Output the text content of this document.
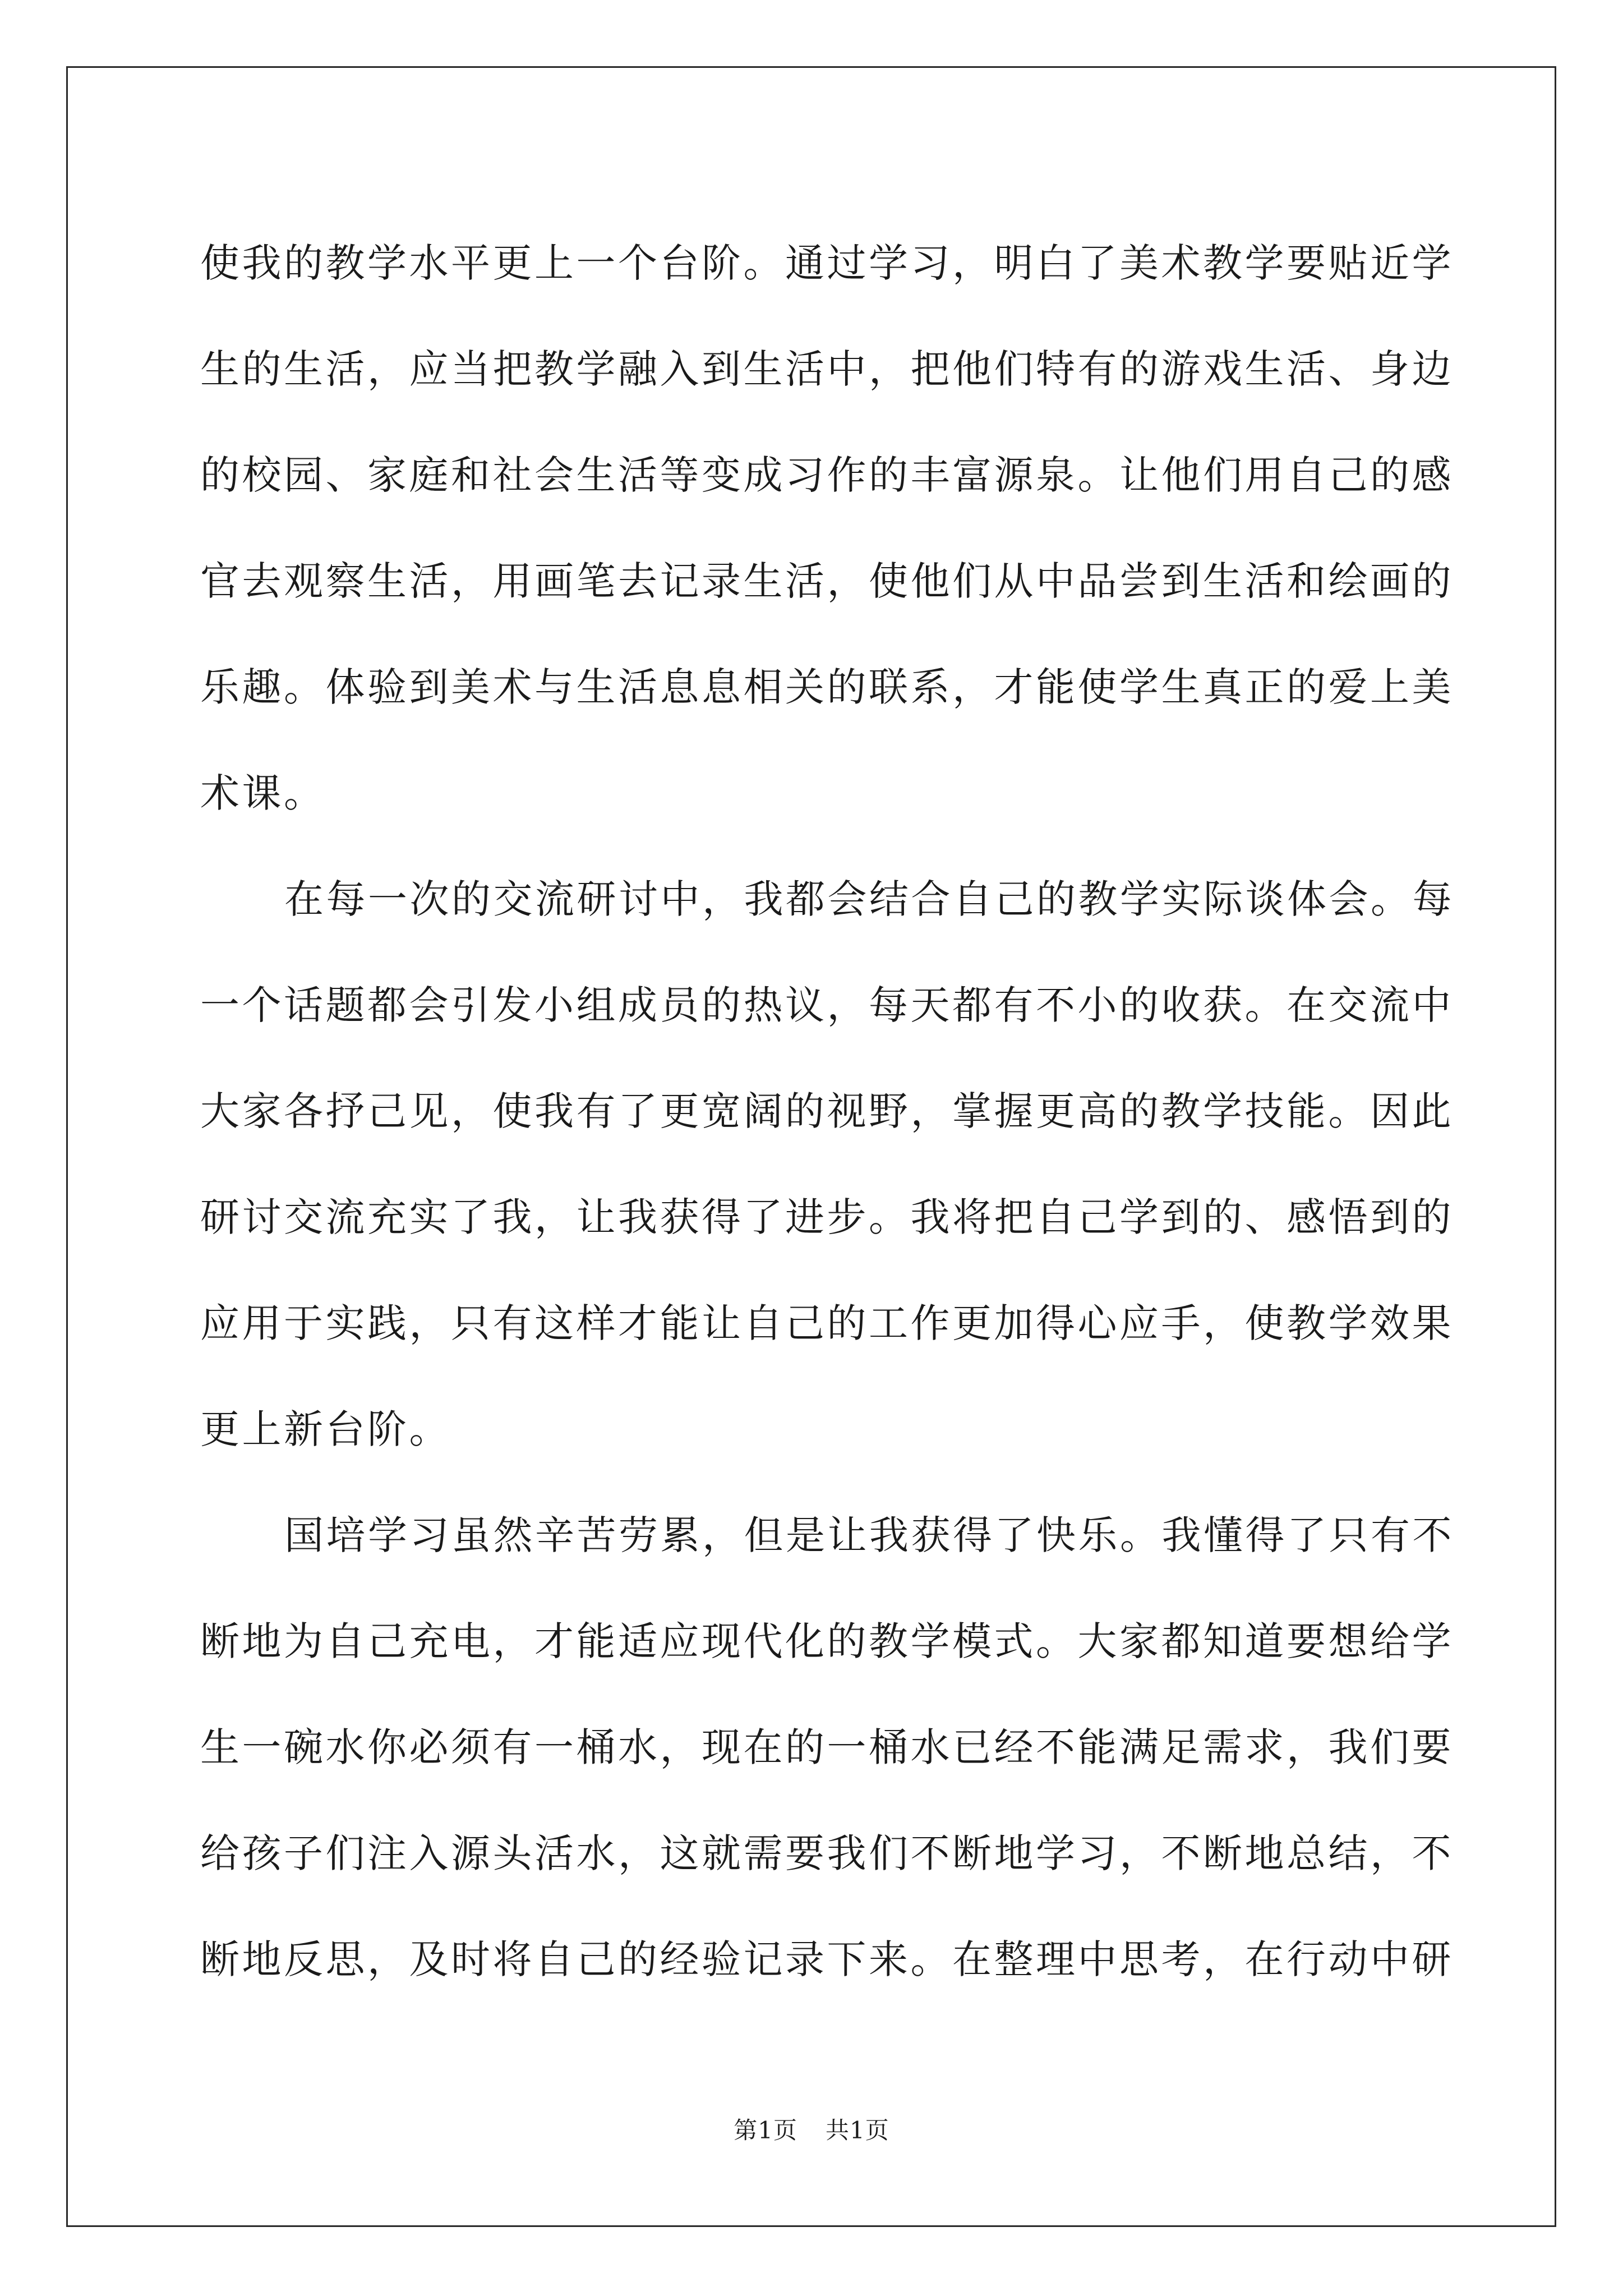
使我的教学水平更上一个台阶。通过学习，明白了美术教学要贴近学
生的生活，应当把教学融入到生活中，把他们特有的游戏生活、身边
的校园、家庭和社会生活等变成习作的丰富源泉。让他们用自己的感
官去观察生活，用画笔去记录生活，使他们从中品尝到生活和绘画的
乐趣。体验到美术与生活息息相关的联系，才能使学生真正的爱上美
术课。

在每一次的交流研讨中，我都会结合自己的教学实际谈体会。每
一个话题都会引发小组成员的热议，每天都有不小的收获。在交流中
大家各抒己见，使我有了更宽阔的视野，掌握更高的教学技能。因此
研讨交流充实了我，让我获得了进步。我将把自己学到的、感悟到的
应用于实践，只有这样才能让自己的工作更加得心应手，使教学效果
更上新台阶。

国培学习虽然辛苦劳累，但是让我获得了快乐。我懂得了只有不
断地为自己充电，才能适应现代化的教学模式。大家都知道要想给学
生一碗水你必须有一桶水，现在的一桶水已经不能满足需求，我们要
给孩子们注入源头活水，这就需要我们不断地学习，不断地总结，不
断地反思，及时将自己的经验记录下来。在整理中思考，在行动中研

第1页 共1页
